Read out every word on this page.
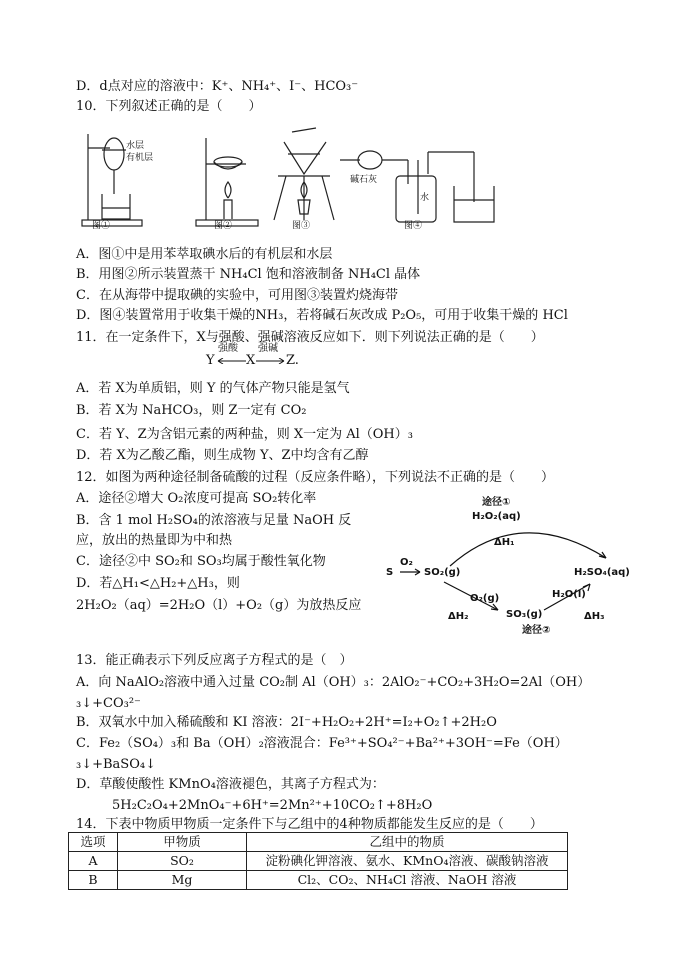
D．d点对应的溶液中：K⁺、NH₄⁺、I⁻、HCO₃⁻
10．下列叙述正确的是（　　）
图①	图②	图③	图④
水层
有机层
碱石灰
水
A．图①中是用苯萃取碘水后的有机层和水层
B．用图②所示装置蒸干 NH₄Cl 饱和溶液制备 NH₄Cl 晶体
C．在从海带中提取碘的实验中，可用图③装置灼烧海带
D．图④装置常用于收集干燥的NH₃，若将碱石灰改成 P₂O₅，可用于收集干燥的 HCl
11．在一定条件下，X与强酸、强碱溶液反应如下．则下列说法正确的是（　　）
Y
强酸
X
强碱
Z.
A．若 X为单质铝，则 Y 的气体产物只能是氢气
B．若 X为 NaHCO₃，则 Z一定有 CO₂
C．若 Y、Z为含铝元素的两种盐，则 X一定为 Al（OH）₃
D．若 X为乙酸乙酯，则生成物 Y、Z中均含有乙醇
12．如图为两种途径制备硫酸的过程（反应条件略），下列说法不正确的是（　　）
A．途径②增大 O₂浓度可提高 SO₂转化率
B．含 1 mol H₂SO₄的浓溶液与足量 NaOH 反
应，放出的热量即为中和热
C．途径②中 SO₂和 SO₃均属于酸性氧化物
D．若△H₁<△H₂+△H₃，则
2H₂O₂（aq）=2H₂O（l）+O₂（g）为放热反应
途径①
H₂O₂(aq)
ΔH₁
S
O₂
SO₂(g)	H₂SO₄(aq)
O₂(g)	H₂O(l)
ΔH₂	SO₃(g)	ΔH₃
途径②
13．能正确表示下列反应离子方程式的是（　）
A．向 NaAlO₂溶液中通入过量 CO₂制 Al（OH）₃：2AlO₂⁻+CO₂+3H₂O=2Al（OH）
₃↓+CO₃²⁻
B．双氧水中加入稀硫酸和 KI 溶液：2I⁻+H₂O₂+2H⁺=I₂+O₂↑+2H₂O
C．Fe₂（SO₄）₃和 Ba（OH）₂溶液混合：Fe³⁺+SO₄²⁻+Ba²⁺+3OH⁻=Fe（OH）
₃↓+BaSO₄↓
D．草酸使酸性 KMnO₄溶液褪色，其离子方程式为：
5H₂C₂O₄+2MnO₄⁻+6H⁺=2Mn²⁺+10CO₂↑+8H₂O
14．下表中物质甲物质一定条件下与乙组中的4种物质都能发生反应的是（　　）
选项	甲物质	乙组中的物质
A	SO₂	淀粉碘化钾溶液、氨水、KMnO₄溶液、碳酸钠溶液
B	Mg	Cl₂、CO₂、NH₄Cl 溶液、NaOH 溶液
